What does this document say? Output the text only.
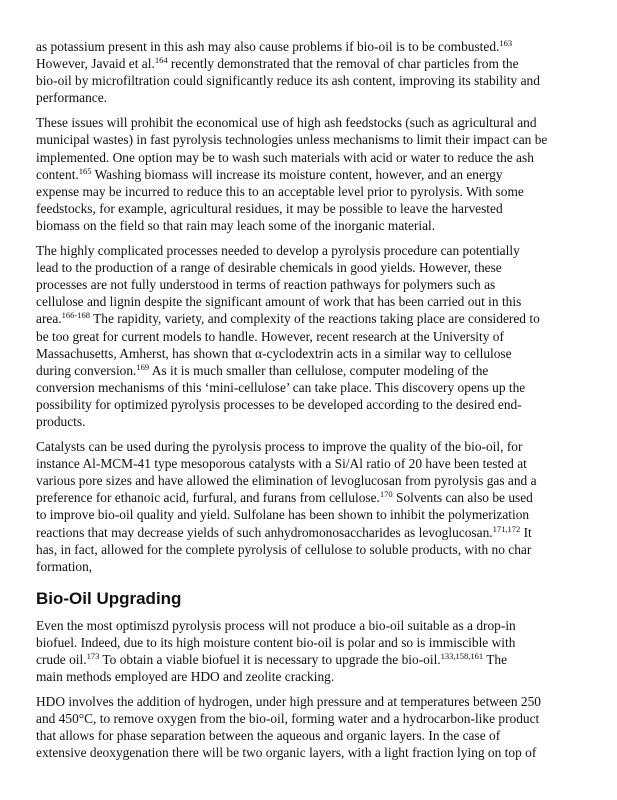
as potassium present in this ash may also cause problems if bio-oil is to be combusted.$^{163}$
However, Javaid et al.$^{164}$ recently demonstrated that the removal of char particles from the
bio-oil by microfiltration could significantly reduce its ash content, improving its stability and
performance.

These issues will prohibit the economical use of high ash feedstocks (such as agricultural and
municipal wastes) in fast pyrolysis technologies unless mechanisms to limit their impact can be
implemented. One option may be to wash such materials with acid or water to reduce the ash
content.$^{165}$ Washing biomass will increase its moisture content, however, and an energy
expense may be incurred to reduce this to an acceptable level prior to pyrolysis. With some
feedstocks, for example, agricultural residues, it may be possible to leave the harvested
biomass on the field so that rain may leach some of the inorganic material.

The highly complicated processes needed to develop a pyrolysis procedure can potentially
lead to the production of a range of desirable chemicals in good yields. However, these
processes are not fully understood in terms of reaction pathways for polymers such as
cellulose and lignin despite the significant amount of work that has been carried out in this
area.$^{166-168}$ The rapidity, variety, and complexity of the reactions taking place are considered to
be too great for current models to handle. However, recent research at the University of
Massachusetts, Amherst, has shown that α-cyclodextrin acts in a similar way to cellulose
during conversion.$^{169}$ As it is much smaller than cellulose, computer modeling of the
conversion mechanisms of this ‘mini-cellulose’ can take place. This discovery opens up the
possibility for optimized pyrolysis processes to be developed according to the desired end-
products.

Catalysts can be used during the pyrolysis process to improve the quality of the bio-oil, for
instance Al-MCM-41 type mesoporous catalysts with a Si/Al ratio of 20 have been tested at
various pore sizes and have allowed the elimination of levoglucosan from pyrolysis gas and a
preference for ethanoic acid, furfural, and furans from cellulose.$^{170}$ Solvents can also be used
to improve bio-oil quality and yield. Sulfolane has been shown to inhibit the polymerization
reactions that may decrease yields of such anhydromonosaccharides as levoglucosan.$^{171,172}$ It
has, in fact, allowed for the complete pyrolysis of cellulose to soluble products, with no char
formation,

Bio-Oil Upgrading

Even the most optimiszd pyrolysis process will not produce a bio-oil suitable as a drop-in
biofuel. Indeed, due to its high moisture content bio-oil is polar and so is immiscible with
crude oil.$^{173}$ To obtain a viable biofuel it is necessary to upgrade the bio-oil.$^{133,158,161}$ The
main methods employed are HDO and zeolite cracking.

HDO involves the addition of hydrogen, under high pressure and at temperatures between 250
and 450°C, to remove oxygen from the bio-oil, forming water and a hydrocarbon-like product
that allows for phase separation between the aqueous and organic layers. In the case of
extensive deoxygenation there will be two organic layers, with a light fraction lying on top of
